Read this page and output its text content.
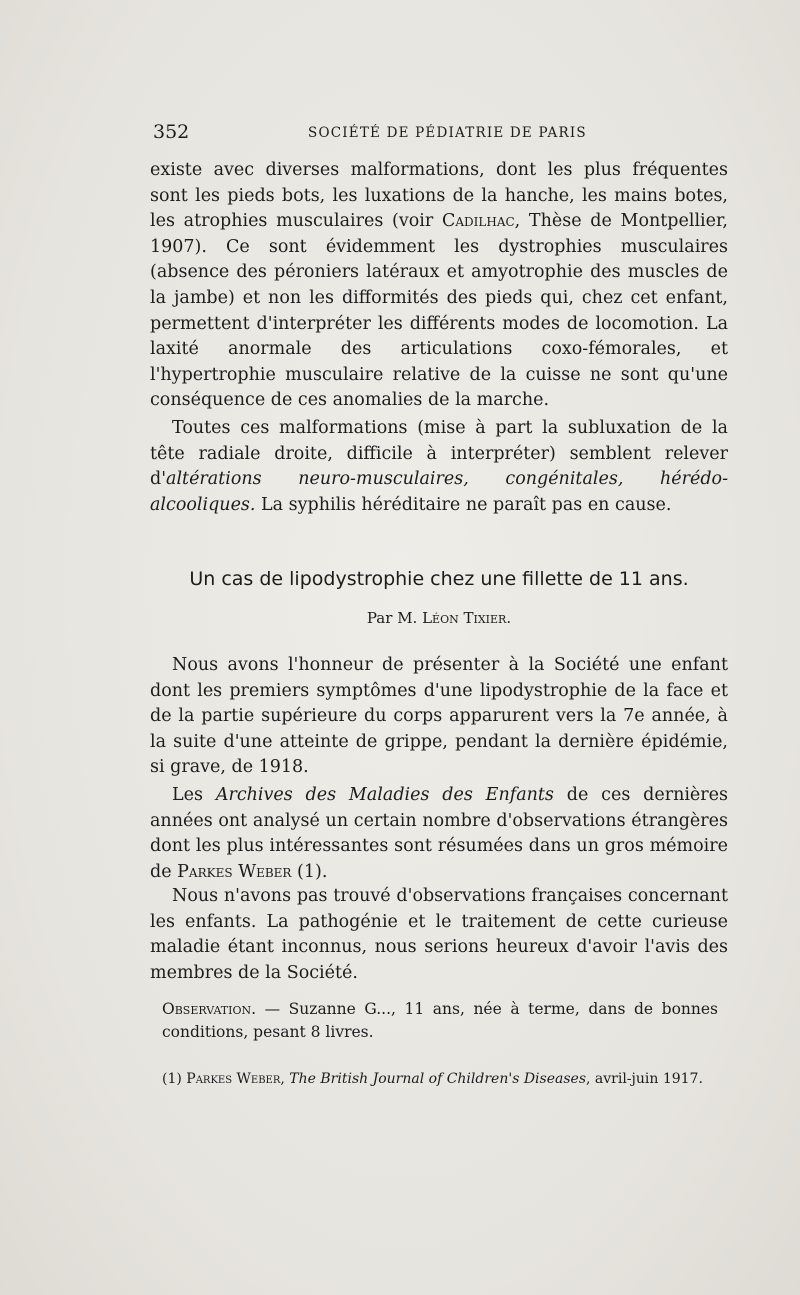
352	SOCIÉTÉ DE PÉDIATRIE DE PARIS

existe avec diverses malformations, dont les plus fréquentes sont les pieds bots, les luxations de la hanche, les mains botes, les atrophies musculaires (voir Cadilhac, Thèse de Montpellier, 1907). Ce sont évidemment les dystrophies musculaires (absence des péroniers latéraux et amyotrophie des muscles de la jambe) et non les difformités des pieds qui, chez cet enfant, permettent d'interpréter les différents modes de locomotion. La laxité anormale des articulations coxo-fémorales, et l'hypertrophie musculaire relative de la cuisse ne sont qu'une conséquence de ces anomalies de la marche.

Toutes ces malformations (mise à part la subluxation de la tête radiale droite, difficile à interpréter) semblent relever d'altérations neuro-musculaires, congénitales, hérédo-alcooliques. La syphilis héréditaire ne paraît pas en cause.

Un cas de lipodystrophie chez une fillette de 11 ans.
Par M. Léon Tixier.

Nous avons l'honneur de présenter à la Société une enfant dont les premiers symptômes d'une lipodystrophie de la face et de la partie supérieure du corps apparurent vers la 7e année, à la suite d'une atteinte de grippe, pendant la dernière épidémie, si grave, de 1918.

Les Archives des Maladies des Enfants de ces dernières années ont analysé un certain nombre d'observations étrangères dont les plus intéressantes sont résumées dans un gros mémoire de Parkes Weber (1).

Nous n'avons pas trouvé d'observations françaises concernant les enfants. La pathogénie et le traitement de cette curieuse maladie étant inconnus, nous serions heureux d'avoir l'avis des membres de la Société.

Observation. — Suzanne G..., 11 ans, née à terme, dans de bonnes conditions, pesant 8 livres.

(1) Parkes Weber, The British Journal of Children's Diseases, avril-juin 1917.
